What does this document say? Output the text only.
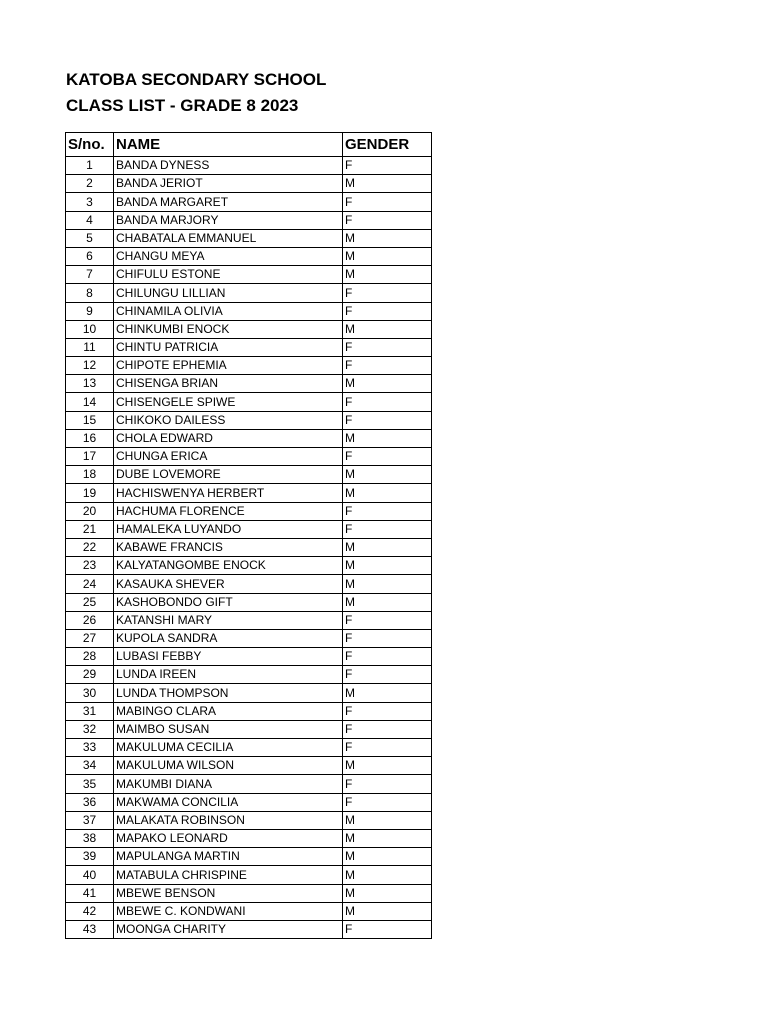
KATOBA SECONDARY SCHOOL
CLASS LIST - GRADE 8 2023
S/no.	NAME	GENDER
1	BANDA DYNESS	F
2	BANDA JERIOT	M
3	BANDA MARGARET	F
4	BANDA MARJORY	F
5	CHABATALA EMMANUEL	M
6	CHANGU MEYA	M
7	CHIFULU ESTONE	M
8	CHILUNGU LILLIAN	F
9	CHINAMILA OLIVIA	F
10	CHINKUMBI ENOCK	M
11	CHINTU PATRICIA	F
12	CHIPOTE EPHEMIA	F
13	CHISENGA BRIAN	M
14	CHISENGELE SPIWE	F
15	CHIKOKO DAILESS	F
16	CHOLA EDWARD	M
17	CHUNGA ERICA	F
18	DUBE LOVEMORE	M
19	HACHISWENYA HERBERT	M
20	HACHUMA FLORENCE	F
21	HAMALEKA LUYANDO	F
22	KABAWE FRANCIS	M
23	KALYATANGOMBE ENOCK	M
24	KASAUKA SHEVER	M
25	KASHOBONDO GIFT	M
26	KATANSHI MARY	F
27	KUPOLA SANDRA	F
28	LUBASI FEBBY	F
29	LUNDA IREEN	F
30	LUNDA THOMPSON	M
31	MABINGO CLARA	F
32	MAIMBO SUSAN	F
33	MAKULUMA CECILIA	F
34	MAKULUMA WILSON	M
35	MAKUMBI DIANA	F
36	MAKWAMA CONCILIA	F
37	MALAKATA ROBINSON	M
38	MAPAKO LEONARD	M
39	MAPULANGA MARTIN	M
40	MATABULA CHRISPINE	M
41	MBEWE BENSON	M
42	MBEWE C. KONDWANI	M
43	MOONGA CHARITY	F
